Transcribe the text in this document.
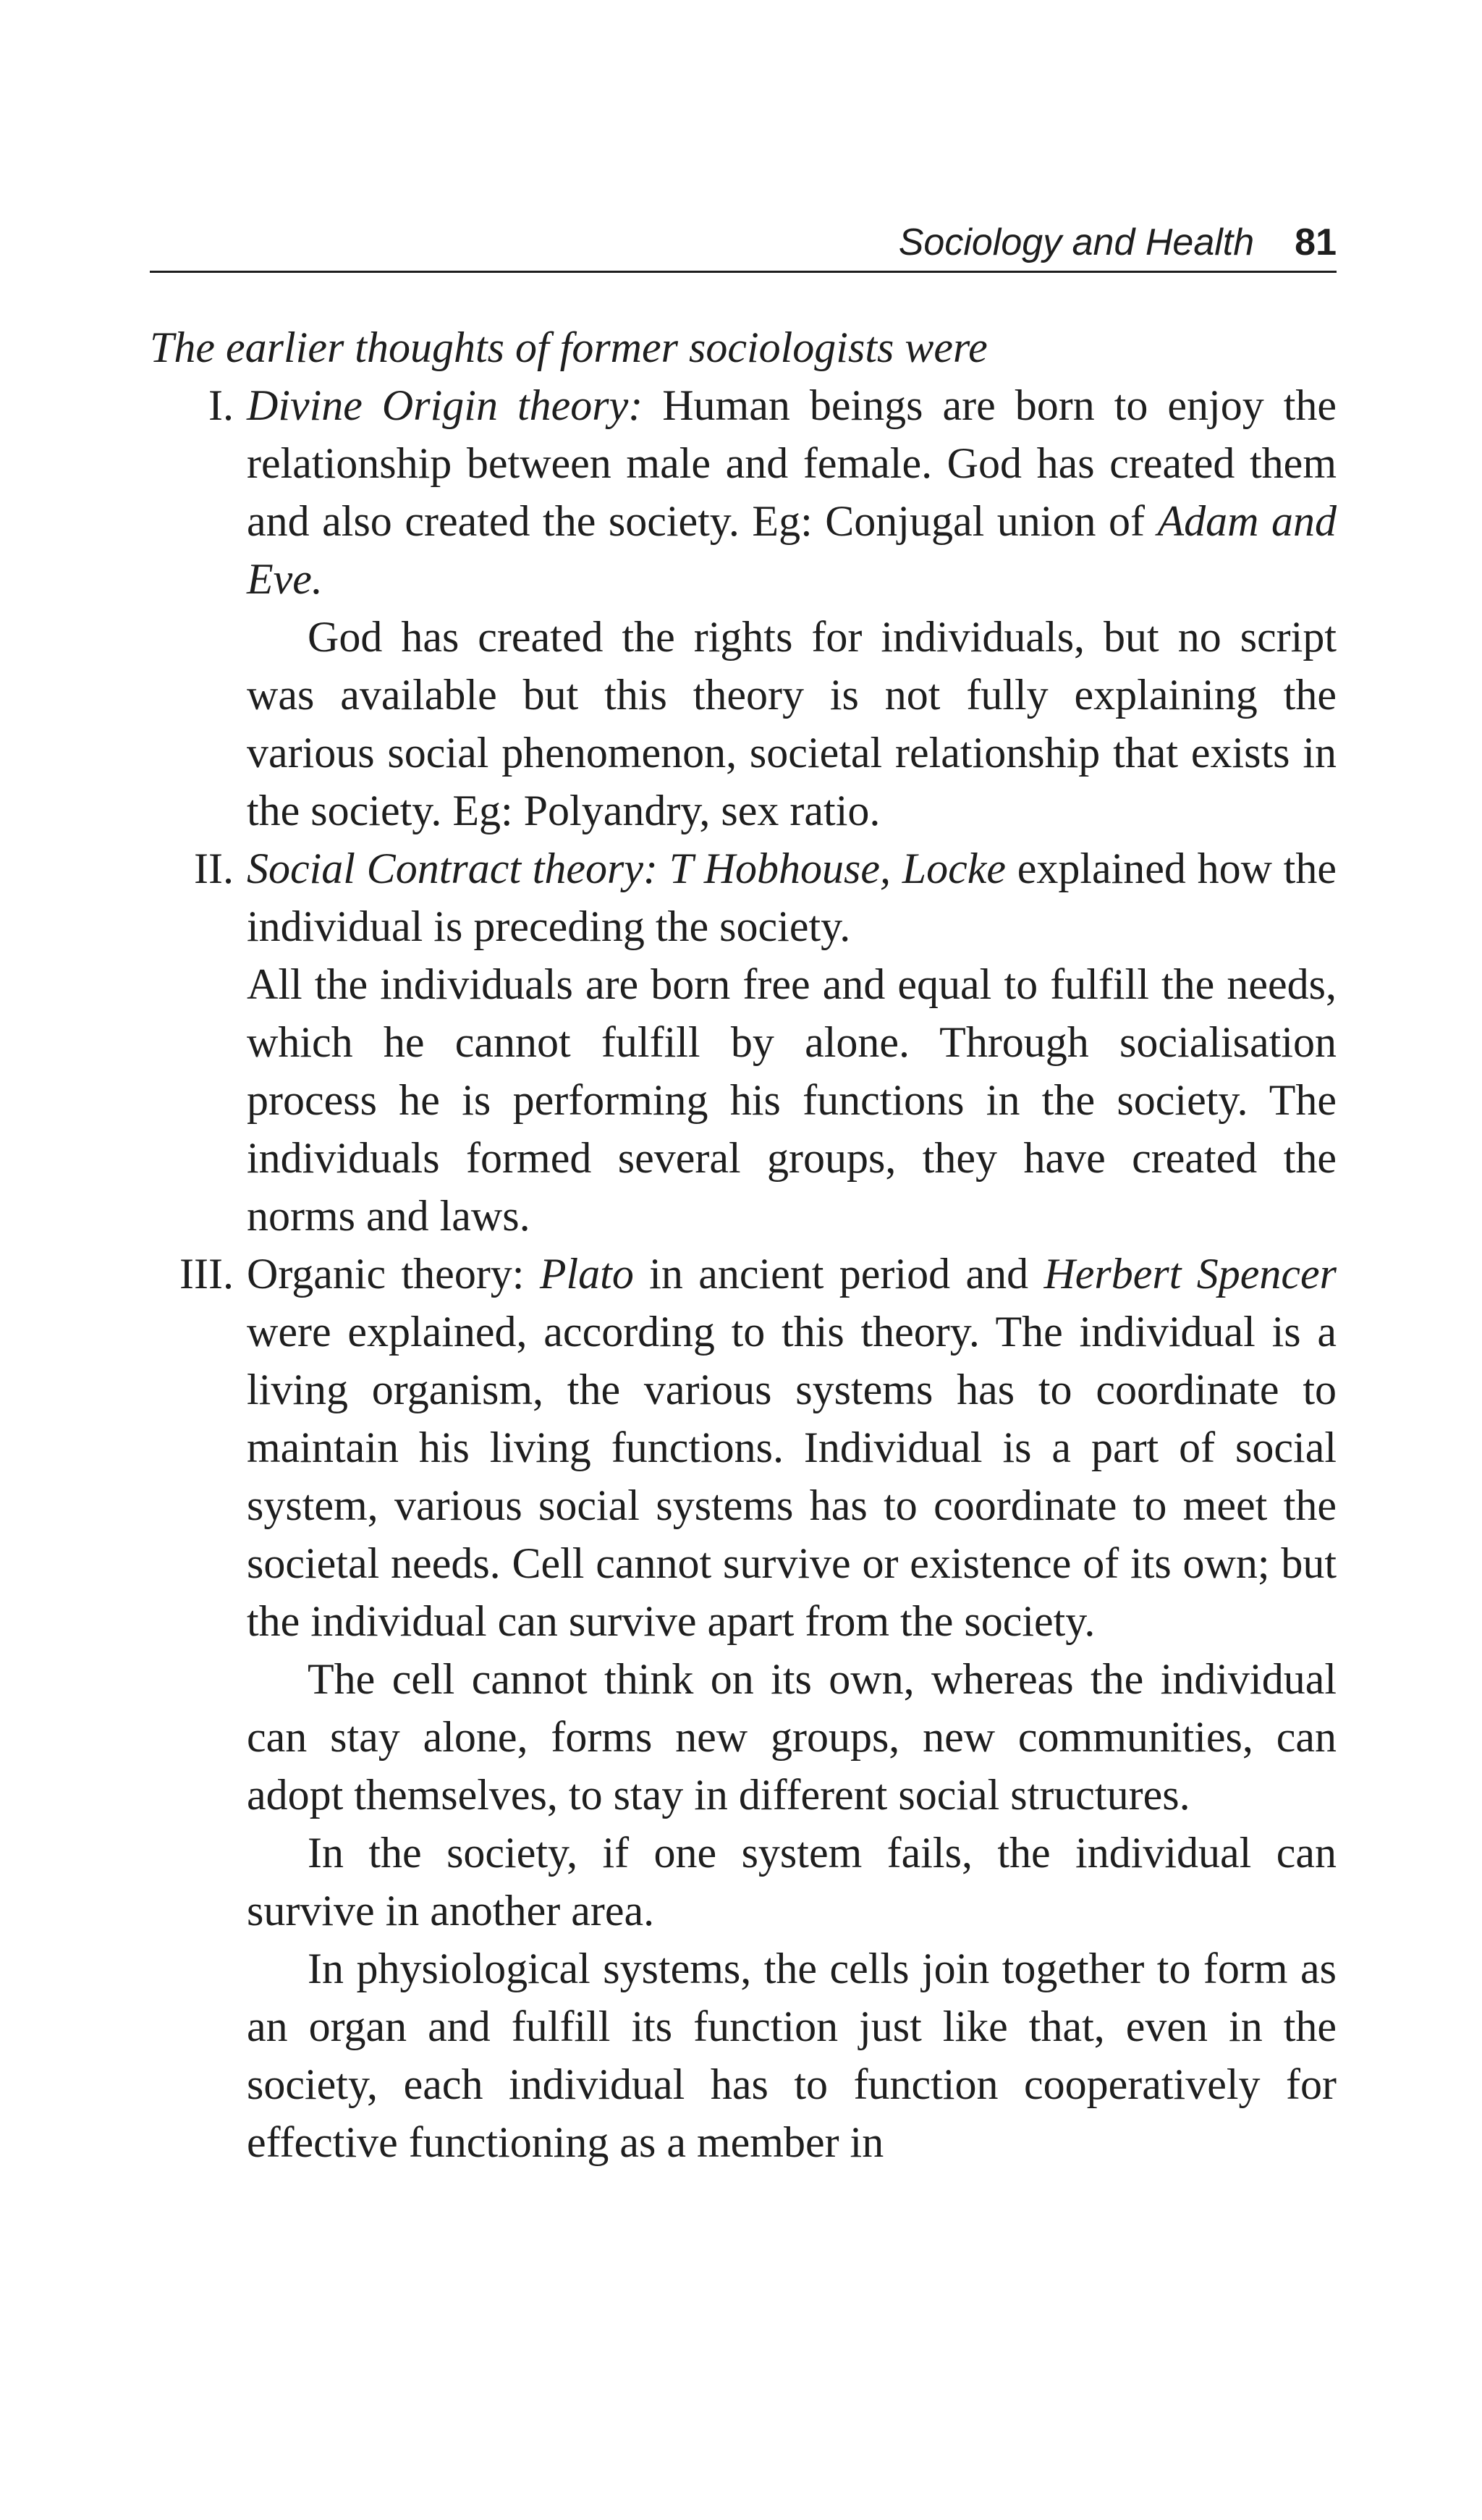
Sociology and Health 81

The earlier thoughts of former sociologists were

I. Divine Origin theory: Human beings are born to enjoy the relationship between male and female. God has created them and also created the society. Eg: Conjugal union of Adam and Eve.

God has created the rights for individuals, but no script was available but this theory is not fully explaining the various social phenomenon, societal relationship that exists in the society. Eg: Polyandry, sex ratio.

II. Social Contract theory: T Hobhouse, Locke explained how the individual is preceding the society.

All the individuals are born free and equal to fulfill the needs, which he cannot fulfill by alone. Through socialisation process he is performing his functions in the society. The individuals formed several groups, they have created the norms and laws.

III. Organic theory: Plato in ancient period and Herbert Spencer were explained, according to this theory. The individual is a living organism, the various systems has to coordinate to maintain his living functions. Individual is a part of social system, various social systems has to coordinate to meet the societal needs. Cell cannot survive or existence of its own; but the individual can survive apart from the society.

The cell cannot think on its own, whereas the individual can stay alone, forms new groups, new communities, can adopt themselves, to stay in different social structures.

In the society, if one system fails, the individual can survive in another area.

In physiological systems, the cells join together to form as an organ and fulfill its function just like that, even in the society, each individual has to function cooperatively for effective functioning as a member in
